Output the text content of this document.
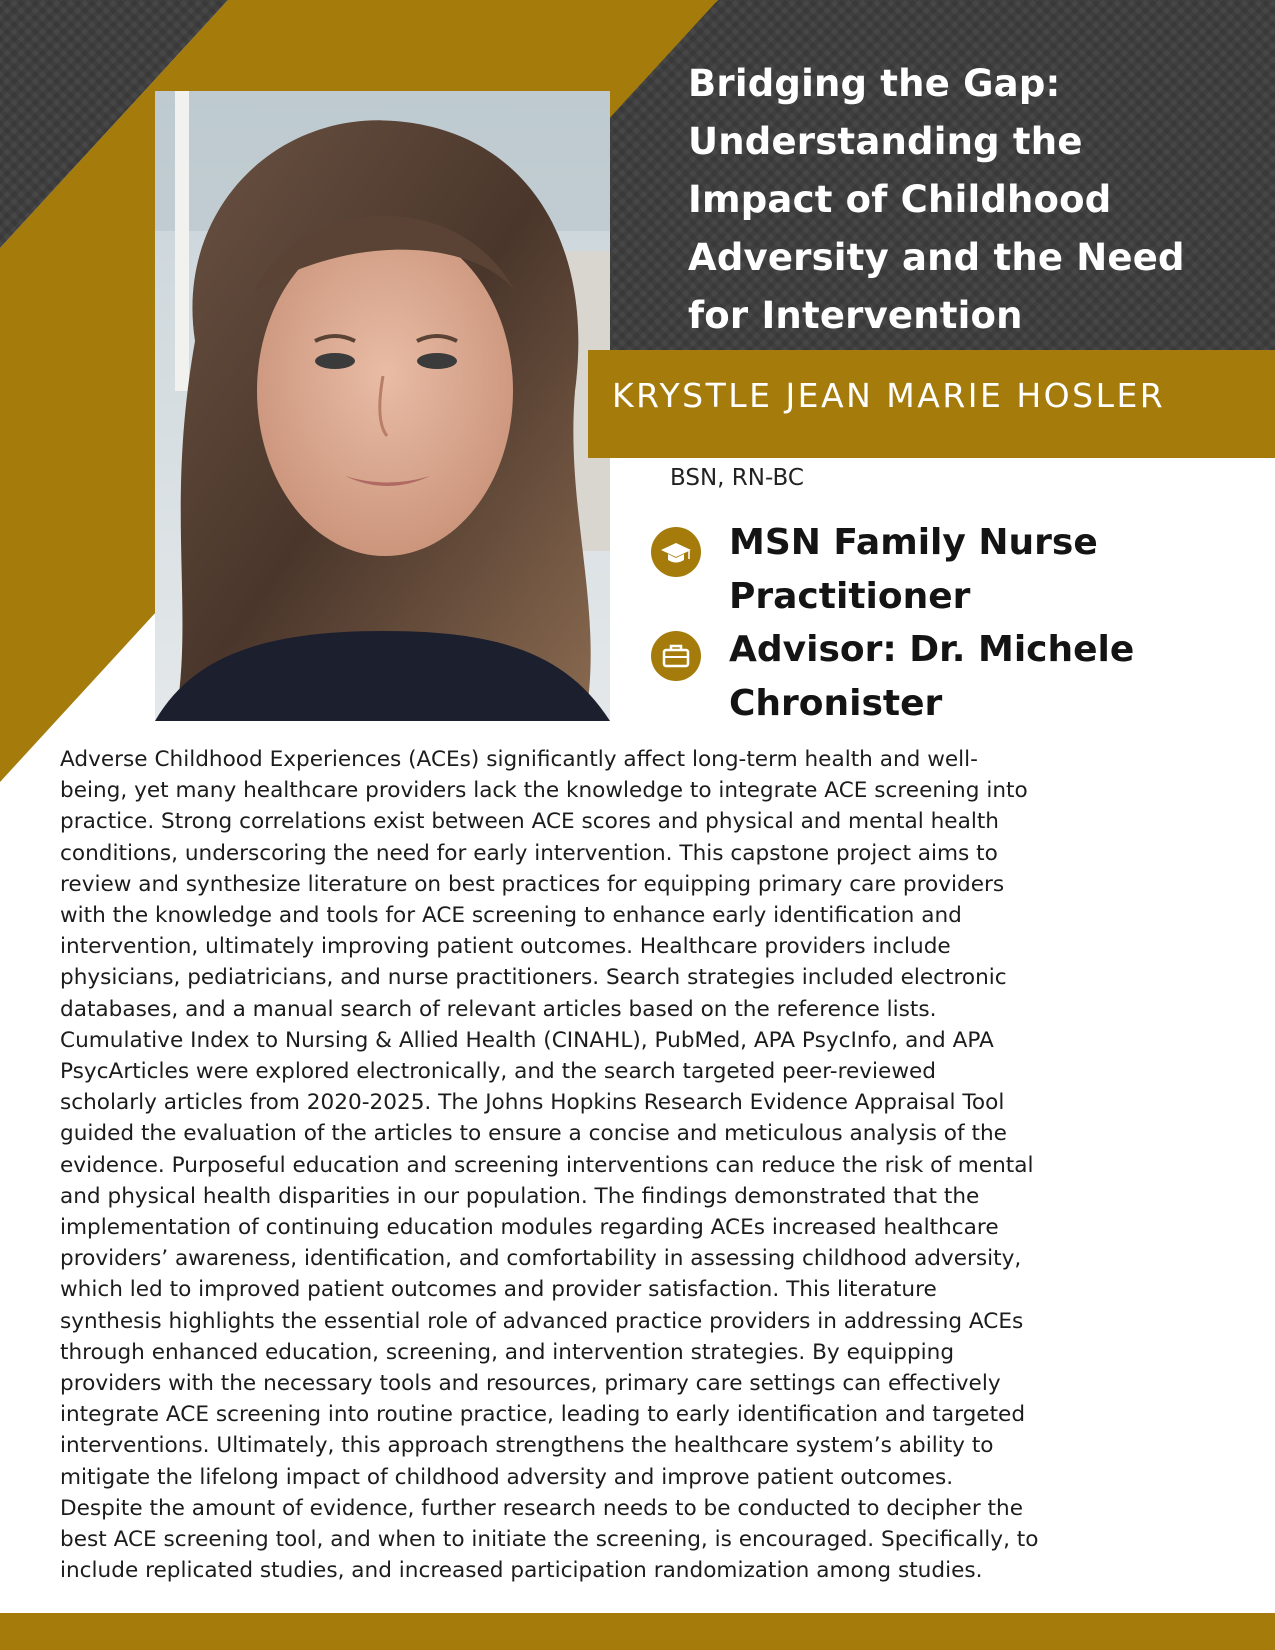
Bridging the Gap:
Understanding the
Impact of Childhood
Adversity and the Need
for Intervention
KRYSTLE JEAN MARIE HOSLER
BSN, RN-BC
MSN Family Nurse
Practitioner
Advisor: Dr. Michele
Chronister
Adverse Childhood Experiences (ACEs) significantly affect long-term health and well-
being, yet many healthcare providers lack the knowledge to integrate ACE screening into
practice. Strong correlations exist between ACE scores and physical and mental health
conditions, underscoring the need for early intervention. This capstone project aims to
review and synthesize literature on best practices for equipping primary care providers
with the knowledge and tools for ACE screening to enhance early identification and
intervention, ultimately improving patient outcomes. Healthcare providers include
physicians, pediatricians, and nurse practitioners. Search strategies included electronic
databases, and a manual search of relevant articles based on the reference lists.
Cumulative Index to Nursing & Allied Health (CINAHL), PubMed, APA PsycInfo, and APA
PsycArticles were explored electronically, and the search targeted peer-reviewed
scholarly articles from 2020-2025. The Johns Hopkins Research Evidence Appraisal Tool
guided the evaluation of the articles to ensure a concise and meticulous analysis of the
evidence. Purposeful education and screening interventions can reduce the risk of mental
and physical health disparities in our population. The findings demonstrated that the
implementation of continuing education modules regarding ACEs increased healthcare
providers’ awareness, identification, and comfortability in assessing childhood adversity,
which led to improved patient outcomes and provider satisfaction. This literature
synthesis highlights the essential role of advanced practice providers in addressing ACEs
through enhanced education, screening, and intervention strategies. By equipping
providers with the necessary tools and resources, primary care settings can effectively
integrate ACE screening into routine practice, leading to early identification and targeted
interventions. Ultimately, this approach strengthens the healthcare system’s ability to
mitigate the lifelong impact of childhood adversity and improve patient outcomes.
Despite the amount of evidence, further research needs to be conducted to decipher the
best ACE screening tool, and when to initiate the screening, is encouraged. Specifically, to
include replicated studies, and increased participation randomization among studies.
